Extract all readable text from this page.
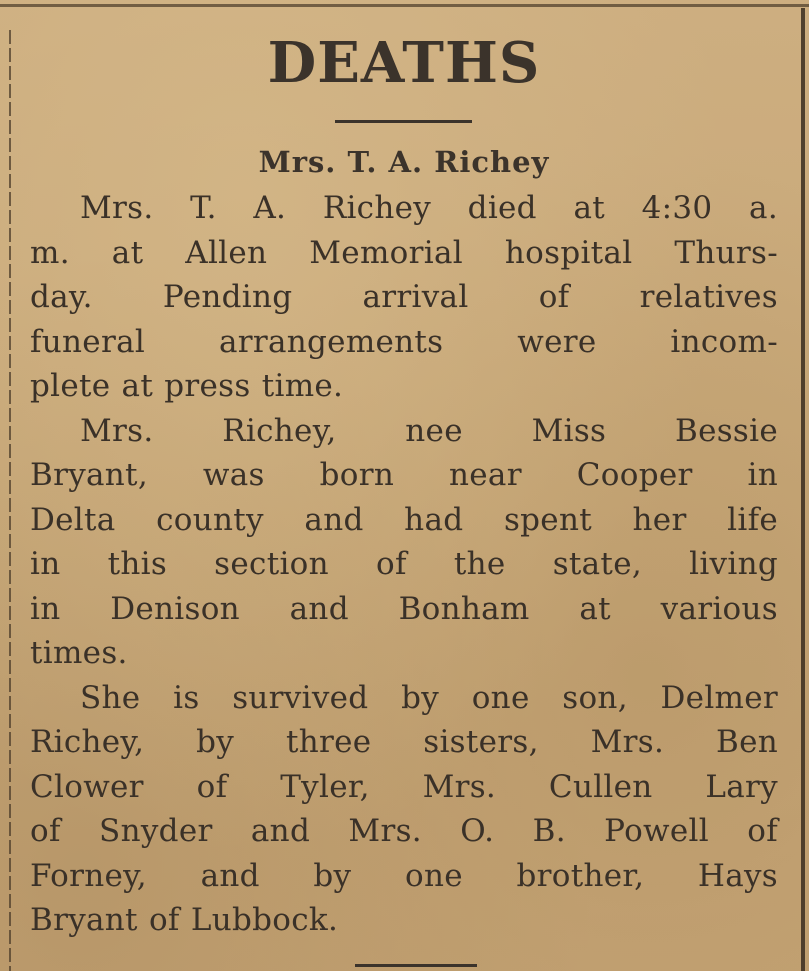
DEATHS
Mrs. T. A. Richey

Mrs. T. A. Richey died at 4:30 a.
m. at Allen Memorial hospital Thurs-
day. Pending arrival of relatives
funeral arrangements were incom-
plete at press time.

Mrs. Richey, nee Miss Bessie
Bryant, was born near Cooper in
Delta county and had spent her life
in this section of the state, living
in Denison and Bonham at various
times.

She is survived by one son, Delmer
Richey, by three sisters, Mrs. Ben
Clower of Tyler, Mrs. Cullen Lary
of Snyder and Mrs. O. B. Powell of
Forney, and by one brother, Hays
Bryant of Lubbock.
